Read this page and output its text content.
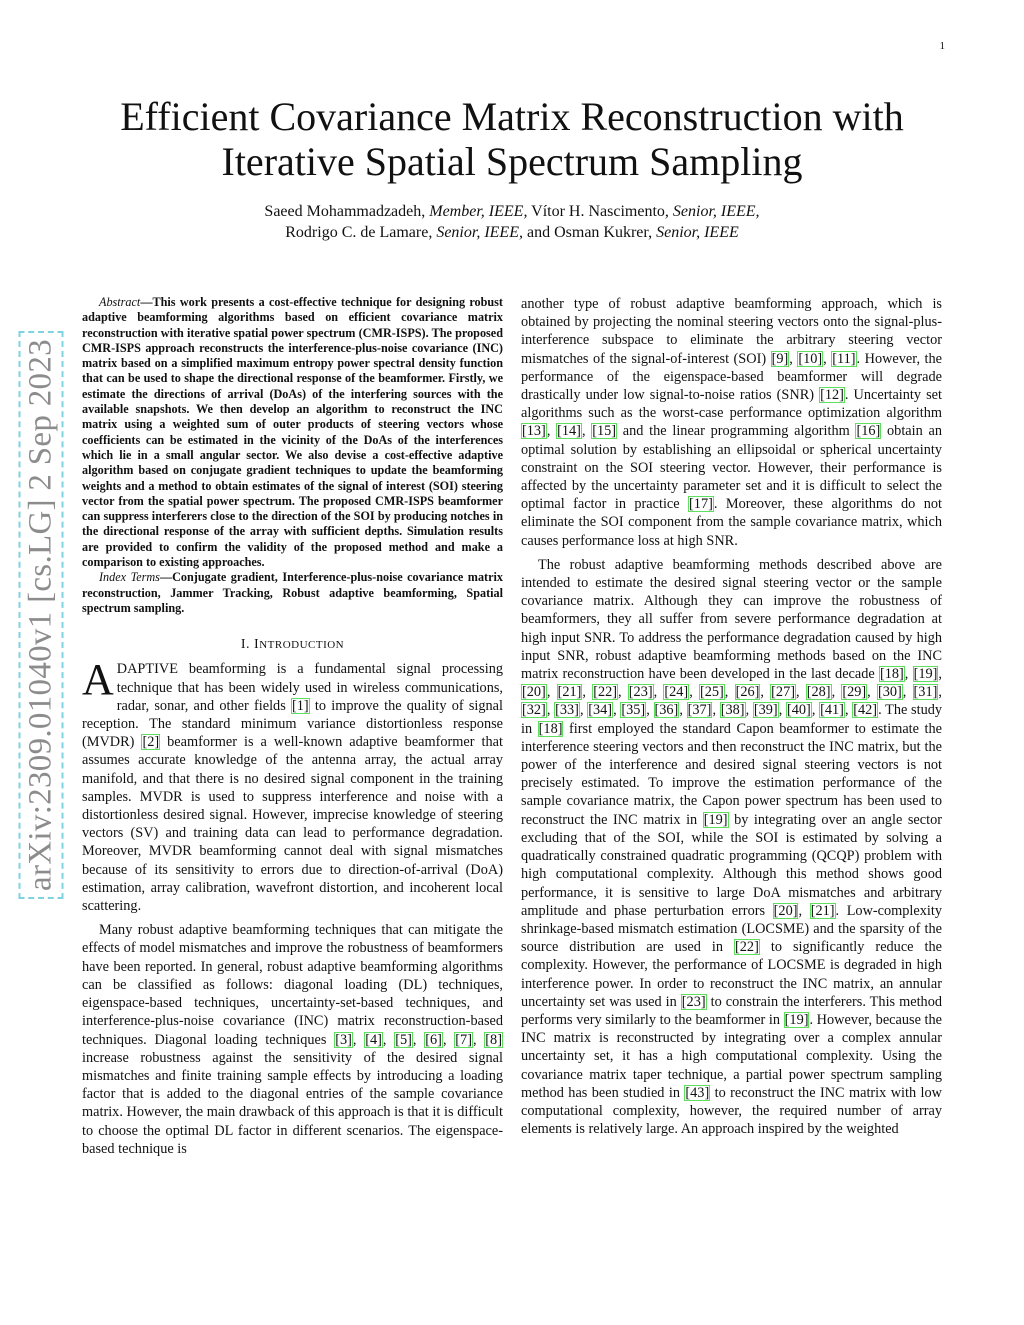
1
arXiv:2309.01040v1 [cs.LG] 2 Sep 2023
Efficient Covariance Matrix Reconstruction with Iterative Spatial Spectrum Sampling
Saeed Mohammadzadeh, Member, IEEE, Vítor H. Nascimento, Senior, IEEE,
Rodrigo C. de Lamare, Senior, IEEE, and Osman Kukrer, Senior, IEEE

Abstract—This work presents a cost-effective technique for designing robust adaptive beamforming algorithms based on efficient covariance matrix reconstruction with iterative spatial power spectrum (CMR-ISPS). The proposed CMR-ISPS approach reconstructs the interference-plus-noise covariance (INC) matrix based on a simplified maximum entropy power spectral density function that can be used to shape the directional response of the beamformer. Firstly, we estimate the directions of arrival (DoAs) of the interfering sources with the available snapshots. We then develop an algorithm to reconstruct the INC matrix using a weighted sum of outer products of steering vectors whose coefficients can be estimated in the vicinity of the DoAs of the interferences which lie in a small angular sector. We also devise a cost-effective adaptive algorithm based on conjugate gradient techniques to update the beamforming weights and a method to obtain estimates of the signal of interest (SOI) steering vector from the spatial power spectrum. The proposed CMR-ISPS beamformer can suppress interferers close to the direction of the SOI by producing notches in the directional response of the array with sufficient depths. Simulation results are provided to confirm the validity of the proposed method and make a comparison to existing approaches.

Index Terms—Conjugate gradient, Interference-plus-noise covariance matrix reconstruction, Jammer Tracking, Robust adaptive beamforming, Spatial spectrum sampling.

I. INTRODUCTION

ADAPTIVE beamforming is a fundamental signal processing technique that has been widely used in wireless communications, radar, sonar, and other fields [1] to improve the quality of signal reception. The standard minimum variance distortionless response (MVDR) [2] beamformer is a well-known adaptive beamformer that assumes accurate knowledge of the antenna array, the actual array manifold, and that there is no desired signal component in the training samples. MVDR is used to suppress interference and noise with a distortionless desired signal. However, imprecise knowledge of steering vectors (SV) and training data can lead to performance degradation. Moreover, MVDR beamforming cannot deal with signal mismatches because of its sensitivity to errors due to direction-of-arrival (DoA) estimation, array calibration, wavefront distortion, and incoherent local scattering.

Many robust adaptive beamforming techniques that can mitigate the effects of model mismatches and improve the robustness of beamformers have been reported. In general, robust adaptive beamforming algorithms can be classified as follows: diagonal loading (DL) techniques, eigenspace-based techniques, uncertainty-set-based techniques, and interference-plus-noise covariance (INC) matrix reconstruction-based techniques. Diagonal loading techniques [3], [4], [5], [6], [7], [8] increase robustness against the sensitivity of the desired signal mismatches and finite training sample effects by introducing a loading factor that is added to the diagonal entries of the sample covariance matrix. However, the main drawback of this approach is that it is difficult to choose the optimal DL factor in different scenarios. The eigenspace-based technique is

another type of robust adaptive beamforming approach, which is obtained by projecting the nominal steering vectors onto the signal-plus-interference subspace to eliminate the arbitrary steering vector mismatches of the signal-of-interest (SOI) [9], [10], [11]. However, the performance of the eigenspace-based beamformer will degrade drastically under low signal-to-noise ratios (SNR) [12]. Uncertainty set algorithms such as the worst-case performance optimization algorithm [13], [14], [15] and the linear programming algorithm [16] obtain an optimal solution by establishing an ellipsoidal or spherical uncertainty constraint on the SOI steering vector. However, their performance is affected by the uncertainty parameter set and it is difficult to select the optimal factor in practice [17]. Moreover, these algorithms do not eliminate the SOI component from the sample covariance matrix, which causes performance loss at high SNR.

The robust adaptive beamforming methods described above are intended to estimate the desired signal steering vector or the sample covariance matrix. Although they can improve the robustness of beamformers, they all suffer from severe performance degradation at high input SNR. To address the performance degradation caused by high input SNR, robust adaptive beamforming methods based on the INC matrix reconstruction have been developed in the last decade [18], [19], [20], [21], [22], [23], [24], [25], [26], [27], [28], [29], [30], [31], [32], [33], [34], [35], [36], [37], [38], [39], [40], [41], [42]. The study in [18] first employed the standard Capon beamformer to estimate the interference steering vectors and then reconstruct the INC matrix, but the power of the interference and desired signal steering vectors is not precisely estimated. To improve the estimation performance of the sample covariance matrix, the Capon power spectrum has been used to reconstruct the INC matrix in [19] by integrating over an angle sector excluding that of the SOI, while the SOI is estimated by solving a quadratically constrained quadratic programming (QCQP) problem with high computational complexity. Although this method shows good performance, it is sensitive to large DoA mismatches and arbitrary amplitude and phase perturbation errors [20], [21]. Low-complexity shrinkage-based mismatch estimation (LOCSME) and the sparsity of the source distribution are used in [22] to significantly reduce the complexity. However, the performance of LOCSME is degraded in high interference power. In order to reconstruct the INC matrix, an annular uncertainty set was used in [23] to constrain the interferers. This method performs very similarly to the beamformer in [19]. However, because the INC matrix is reconstructed by integrating over a complex annular uncertainty set, it has a high computational complexity. Using the covariance matrix taper technique, a partial power spectrum sampling method has been studied in [43] to reconstruct the INC matrix with low computational complexity, however, the required number of array elements is relatively large. An approach inspired by the weighted
